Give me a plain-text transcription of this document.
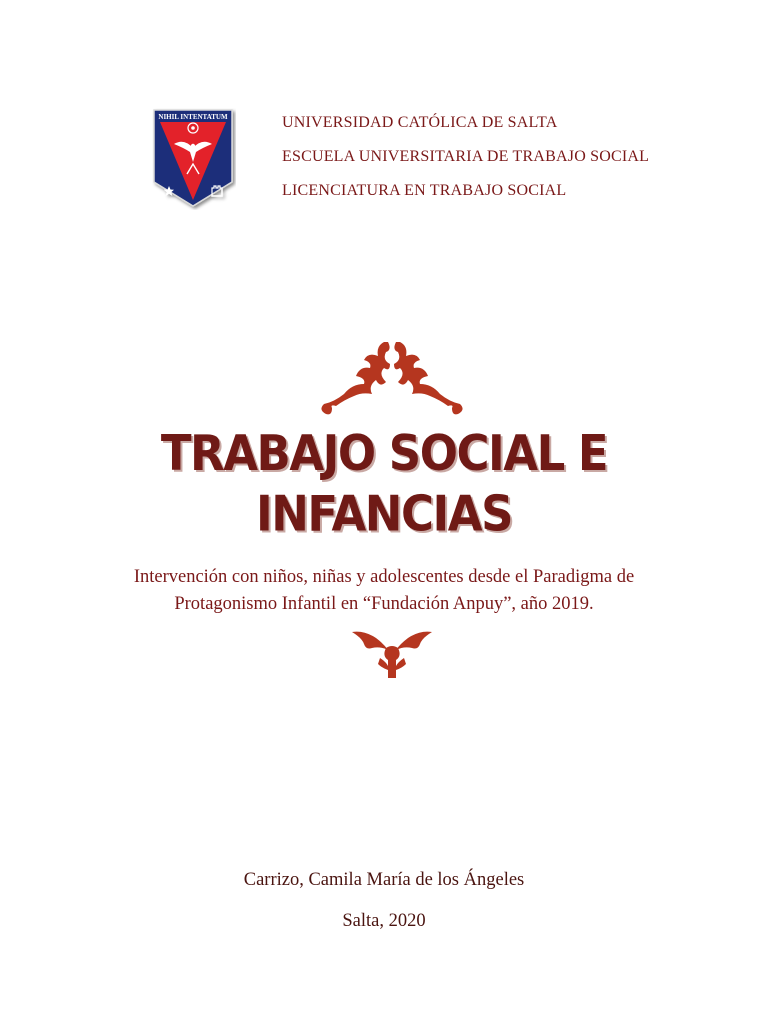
NIHIL INTENTATUM	UNIVERSIDAD CATÓLICA DE SALTA
ESCUELA UNIVERSITARIA DE TRABAJO SOCIAL
LICENCIATURA EN TRABAJO SOCIAL
TRABAJO SOCIAL E
INFANCIAS
Intervención con niños, niñas y adolescentes desde el Paradigma de
Protagonismo Infantil en “Fundación Anpuy”, año 2019.
Carrizo, Camila María de los Ángeles
Salta, 2020
